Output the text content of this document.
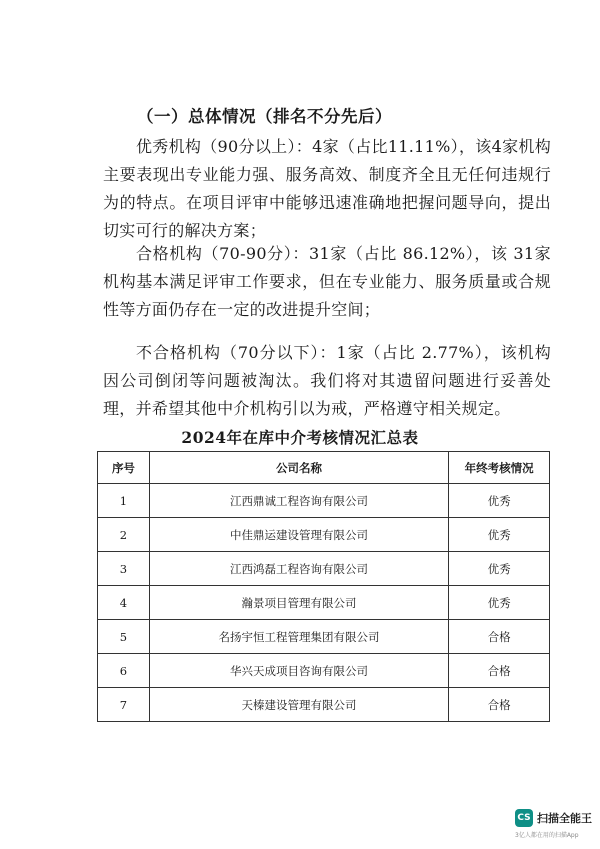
（一）总体情况（排名不分先后）

优秀机构（90分以上）：4家（占比11.11%），该4家机构主要表现出专业能力强、服务高效、制度齐全且无任何违规行为的特点。在项目评审中能够迅速准确地把握问题导向，提出切实可行的解决方案；

合格机构（70-90分）：31家（占比 86.12%），该 31家机构基本满足评审工作要求，但在专业能力、服务质量或合规性等方面仍存在一定的改进提升空间；

不合格机构（70分以下）：1家（占比 2.77%），该机构因公司倒闭等问题被淘汰。我们将对其遗留问题进行妥善处理，并希望其他中介机构引以为戒，严格遵守相关规定。

2024年在库中介考核情况汇总表
序号	公司名称	年终考核情况
1	江西鼎诚工程咨询有限公司	优秀
2	中佳鼎运建设管理有限公司	优秀
3	江西鸿磊工程咨询有限公司	优秀
4	瀚景项目管理有限公司	优秀
5	名扬宇恒工程管理集团有限公司	合格
6	华兴天成项目咨询有限公司	合格
7	天榛建设管理有限公司	合格
CS 扫描全能王
3亿人都在用的扫描App
